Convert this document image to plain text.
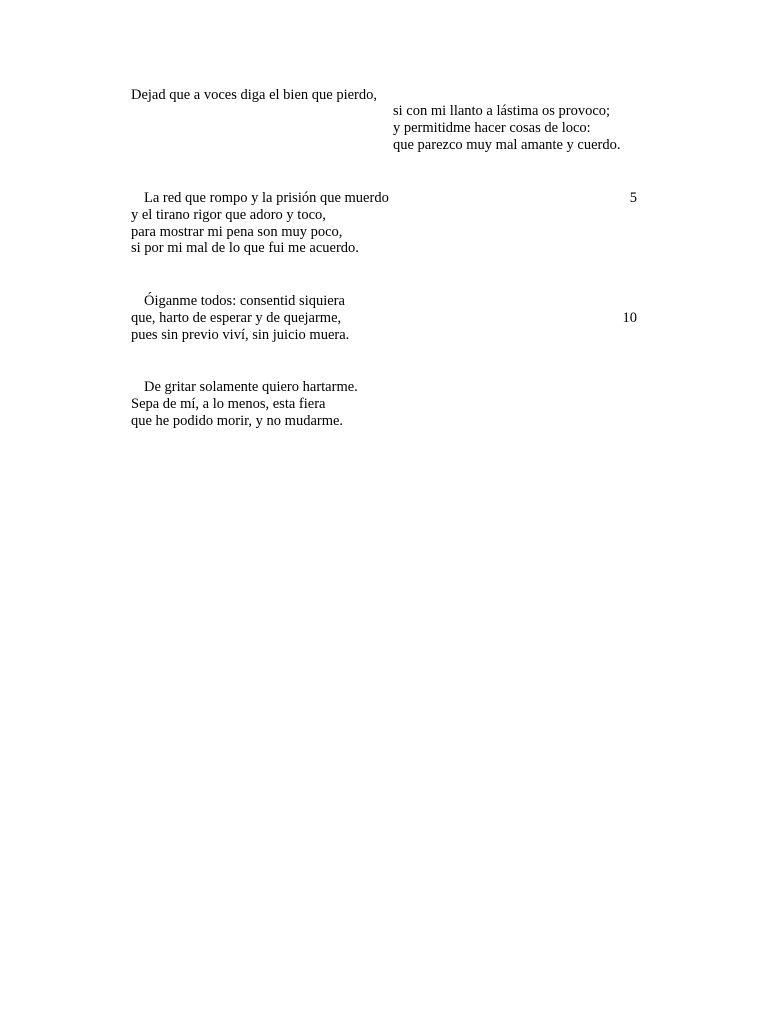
Dejad que a voces diga el bien que pierdo,
si con mi llanto a lástima os provoco;
y permitidme hacer cosas de loco:
que parezco muy mal amante y cuerdo.
La red que rompo y la prisión que muerdo	5
y el tirano rigor que adoro y toco,
para mostrar mi pena son muy poco,
si por mi mal de lo que fui me acuerdo.
Óiganme todos: consentid siquiera
que, harto de esperar y de quejarme,	10
pues sin previo viví, sin juicio muera.
De gritar solamente quiero hartarme.
Sepa de mí, a lo menos, esta fiera
que he podido morir, y no mudarme.
